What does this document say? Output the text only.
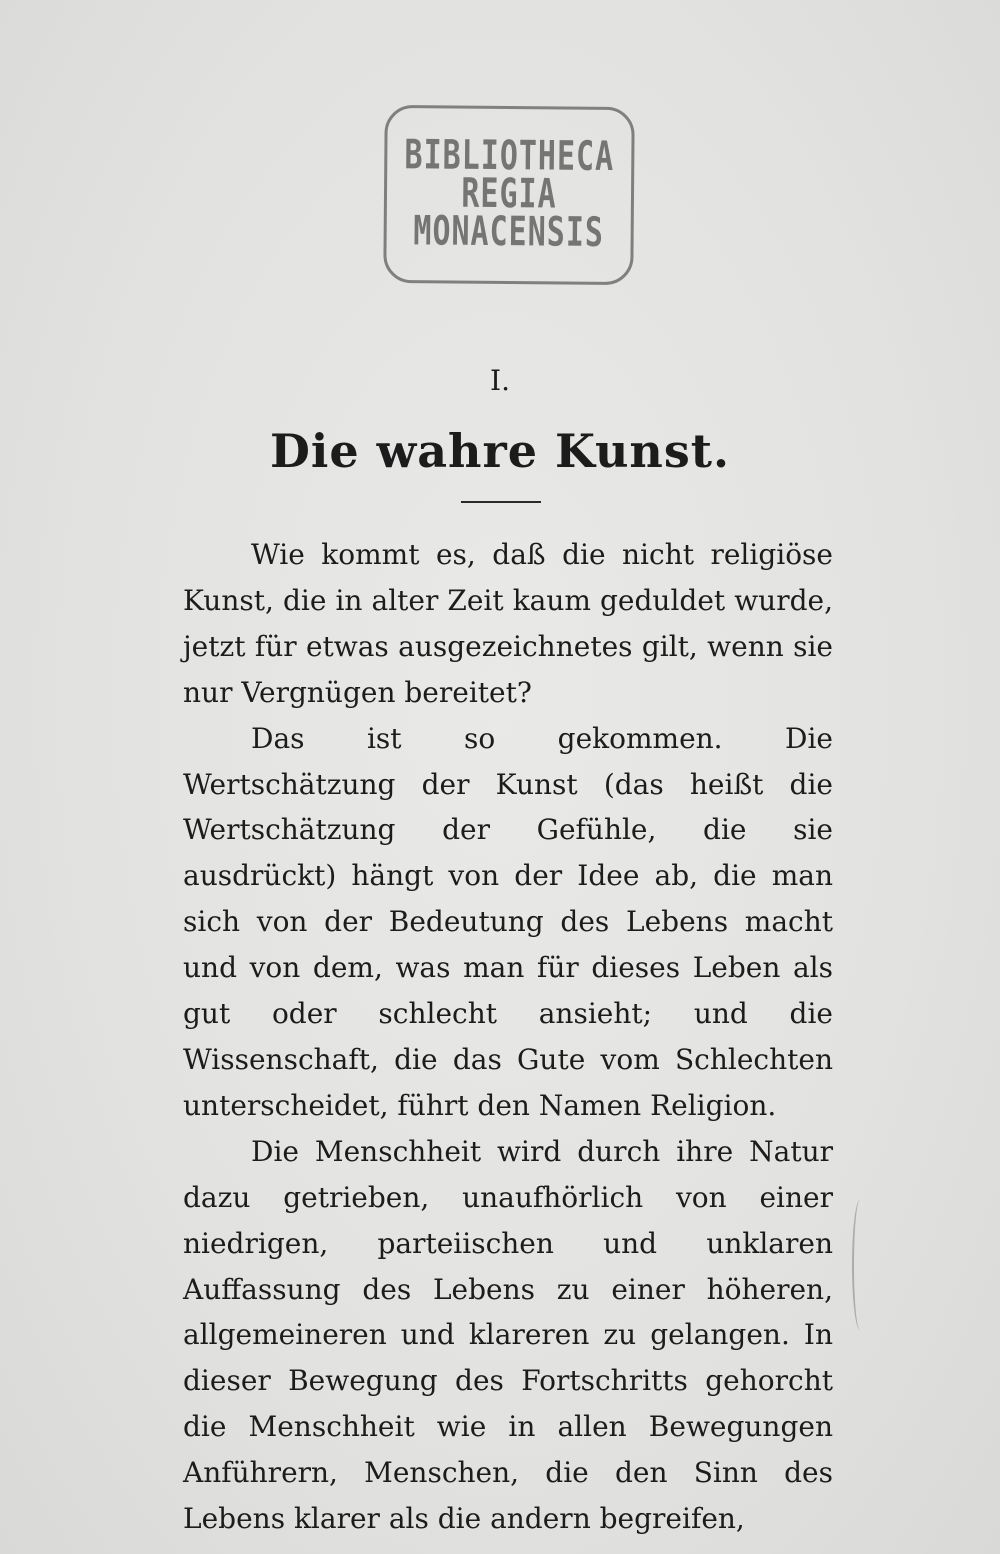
BIBLIOTHECA
REGIA
MONACENSIS
I.
Die wahre Kunst.

Wie kommt es, daß die nicht religiöse Kunst, die in alter Zeit kaum geduldet wurde, jetzt für etwas ausgezeichnetes gilt, wenn sie nur Vergnügen bereitet?

Das ist so gekommen. Die Wertschätzung der Kunst (das heißt die Wertschätzung der Gefühle, die sie ausdrückt) hängt von der Idee ab, die man sich von der Bedeutung des Lebens macht und von dem, was man für dieses Leben als gut oder schlecht ansieht; und die Wissenschaft, die das Gute vom Schlechten unterscheidet, führt den Namen Religion.

Die Menschheit wird durch ihre Natur dazu getrieben, unaufhörlich von einer niedrigen, parteiischen und unklaren Auffassung des Lebens zu einer höheren, allgemeineren und klareren zu gelangen. In dieser Bewegung des Fortschritts gehorcht die Menschheit wie in allen Bewegungen Anführern, Menschen, die den Sinn des Lebens klarer als die andern begreifen,
